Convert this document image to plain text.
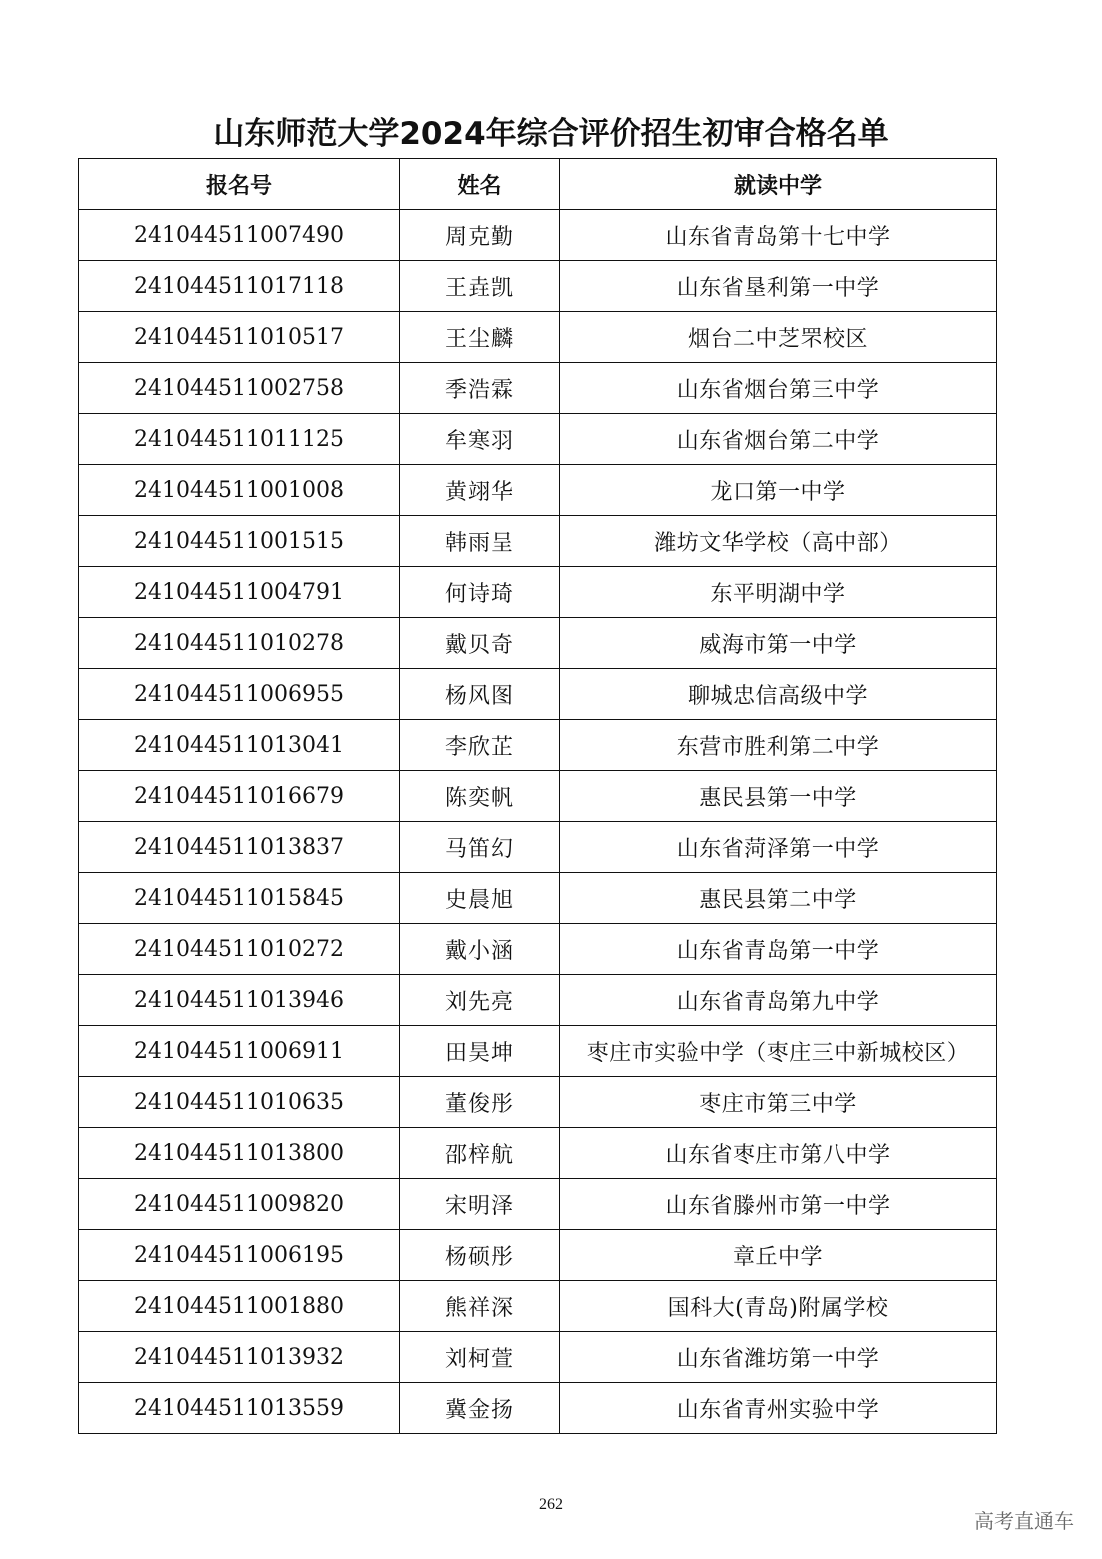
山东师范大学2024年综合评价招生初审合格名单
报名号	姓名	就读中学
241044511007490	周克勤	山东省青岛第十七中学
241044511017118	王垚凯	山东省垦利第一中学
241044511010517	王尘麟	烟台二中芝罘校区
241044511002758	季浩霖	山东省烟台第三中学
241044511011125	牟寒羽	山东省烟台第二中学
241044511001008	黄翊华	龙口第一中学
241044511001515	韩雨呈	潍坊文华学校（高中部）
241044511004791	何诗琦	东平明湖中学
241044511010278	戴贝奇	威海市第一中学
241044511006955	杨风图	聊城忠信高级中学
241044511013041	李欣芷	东营市胜利第二中学
241044511016679	陈奕帆	惠民县第一中学
241044511013837	马笛幻	山东省菏泽第一中学
241044511015845	史晨旭	惠民县第二中学
241044511010272	戴小涵	山东省青岛第一中学
241044511013946	刘先亮	山东省青岛第九中学
241044511006911	田昊坤	枣庄市实验中学（枣庄三中新城校区）
241044511010635	董俊彤	枣庄市第三中学
241044511013800	邵梓航	山东省枣庄市第八中学
241044511009820	宋明泽	山东省滕州市第一中学
241044511006195	杨硕彤	章丘中学
241044511001880	熊祥深	国科大(青岛)附属学校
241044511013932	刘柯萱	山东省潍坊第一中学
241044511013559	冀金扬	山东省青州实验中学
262
高考直通车
